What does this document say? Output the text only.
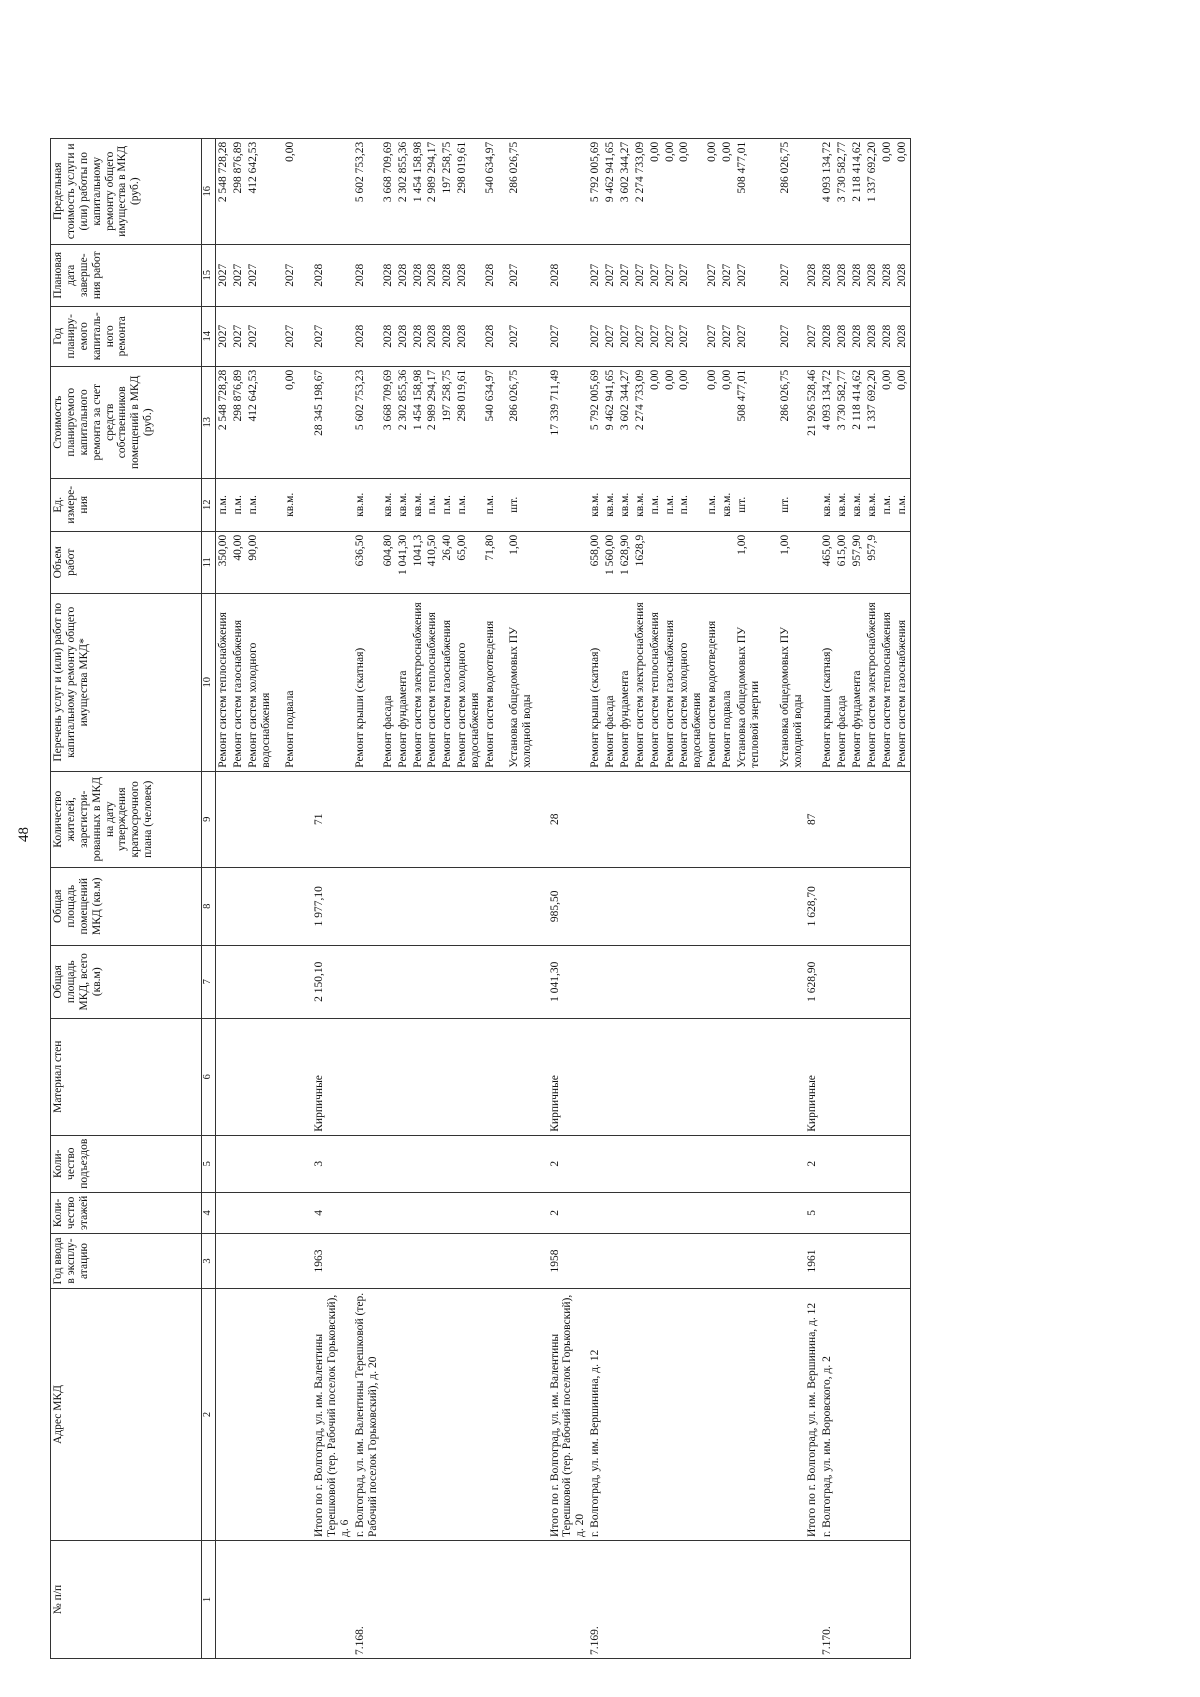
48
№ п/п	Адрес МКД	Год ввода в эксплу-атацию	Коли-чество этажей	Коли-чество подъездов	Материал стен	Общая площадь МКД, всего (кв.м)	Общая площадь помещений МКД (кв.м)	Количество жителей, зарегистри-рованных в МКД на дату утверждения краткосрочного плана (человек)	Перечень услуг и (или) работ по капитальному ремонту общего имущества МКД*	Объем работ	Ед. измере-ния	Стоимость планируемого капитального ремонта за счет средств собственников помещений в МКД (руб.)	Год планиру-емого капиталь-ного ремонта	Плановая дата заверше-ния работ	Предельная стоимость услуги и (или) работы по капитальному ремонту общего имущества в МКД (руб.)
1	2	3	4	5	6	7	8	9	10	11	12	13	14	15	16
									Ремонт систем теплоснабжения	350,00	п.м.	2 548 728,28	2027	2027	2 548 728,28
									Ремонт систем газоснабжения	40,00	п.м.	298 876,89	2027	2027	298 876,89
									Ремонт систем холодного водоснабжения	90,00	п.м.	412 642,53	2027	2027	412 642,53
									Ремонт подвала		кв.м.	0,00	2027	2027	0,00
	Итого по г. Волгоград, ул. им. Валентины Терешковой (тер. Рабочий поселок Горьковский), д. 6	1963	4	3	Кирпичные	2 150,10	1 977,10	71				28 345 198,67	2027	2028	
7.168.	г. Волгоград, ул. им. Валентины Терешковой (тер. Рабочий поселок Горьковский), д. 20								Ремонт крыши (скатная)	636,50	кв.м.	5 602 753,23	2028	2028	5 602 753,23
									Ремонт фасада	604,80	кв.м.	3 668 709,69	2028	2028	3 668 709,69
									Ремонт фундамента	1 041,30	кв.м.	2 302 855,36	2028	2028	2 302 855,36
									Ремонт систем электроснабжения	1041,3	кв.м.	1 454 158,98	2028	2028	1 454 158,98
									Ремонт систем теплоснабжения	410,50	п.м.	2 989 294,17	2028	2028	2 989 294,17
									Ремонт систем газоснабжения	26,40	п.м.	197 258,75	2028	2028	197 258,75
									Ремонт систем холодного водоснабжения	65,00	п.м.	298 019,61	2028	2028	298 019,61
									Ремонт систем водоотведения	71,80	п.м.	540 634,97	2028	2028	540 634,97
									Установка общедомовых ПУ холодной воды	1,00	шт.	286 026,75	2027	2027	286 026,75
	Итого по г. Волгоград, ул. им. Валентины Терешковой (тер. Рабочий поселок Горьковский), д. 20	1958	2	2	Кирпичные	1 041,30	985,50	28				17 339 711,49	2027	2028	
7.169.	г. Волгоград, ул. им. Вершинина, д. 12								Ремонт крыши (скатная)	658,00	кв.м.	5 792 005,69	2027	2027	5 792 005,69
									Ремонт фасада	1 560,00	кв.м.	9 462 941,65	2027	2027	9 462 941,65
									Ремонт фундамента	1 628,90	кв.м.	3 602 344,27	2027	2027	3 602 344,27
									Ремонт систем электроснабжения	1628,9	кв.м.	2 274 733,09	2027	2027	2 274 733,09
									Ремонт систем теплоснабжения		п.м.	0,00	2027	2027	0,00
									Ремонт систем газоснабжения		п.м.	0,00	2027	2027	0,00
									Ремонт систем холодного водоснабжения		п.м.	0,00	2027	2027	0,00
									Ремонт систем водоотведения		п.м.	0,00	2027	2027	0,00
									Ремонт подвала		кв.м.	0,00	2027	2027	0,00
									Установка общедомовых ПУ тепловой энергии	1,00	шт.	508 477,01	2027	2027	508 477,01
									Установка общедомовых ПУ холодной воды	1,00	шт.	286 026,75	2027	2027	286 026,75
	Итого по г. Волгоград, ул. им. Вершинина, д. 12	1961	5	2	Кирпичные	1 628,90	1 628,70	87				21 926 528,46	2027	2028	
7.170.	г. Волгоград, ул. им. Воровского, д. 2								Ремонт крыши (скатная)	465,00	кв.м.	4 093 134,72	2028	2028	4 093 134,72
									Ремонт фасада	615,00	кв.м.	3 730 582,77	2028	2028	3 730 582,77
									Ремонт фундамента	957,90	кв.м.	2 118 414,62	2028	2028	2 118 414,62
									Ремонт систем электроснабжения	957,9	кв.м.	1 337 692,20	2028	2028	1 337 692,20
									Ремонт систем теплоснабжения		п.м.	0,00	2028	2028	0,00
									Ремонт систем газоснабжения		п.м.	0,00	2028	2028	0,00
